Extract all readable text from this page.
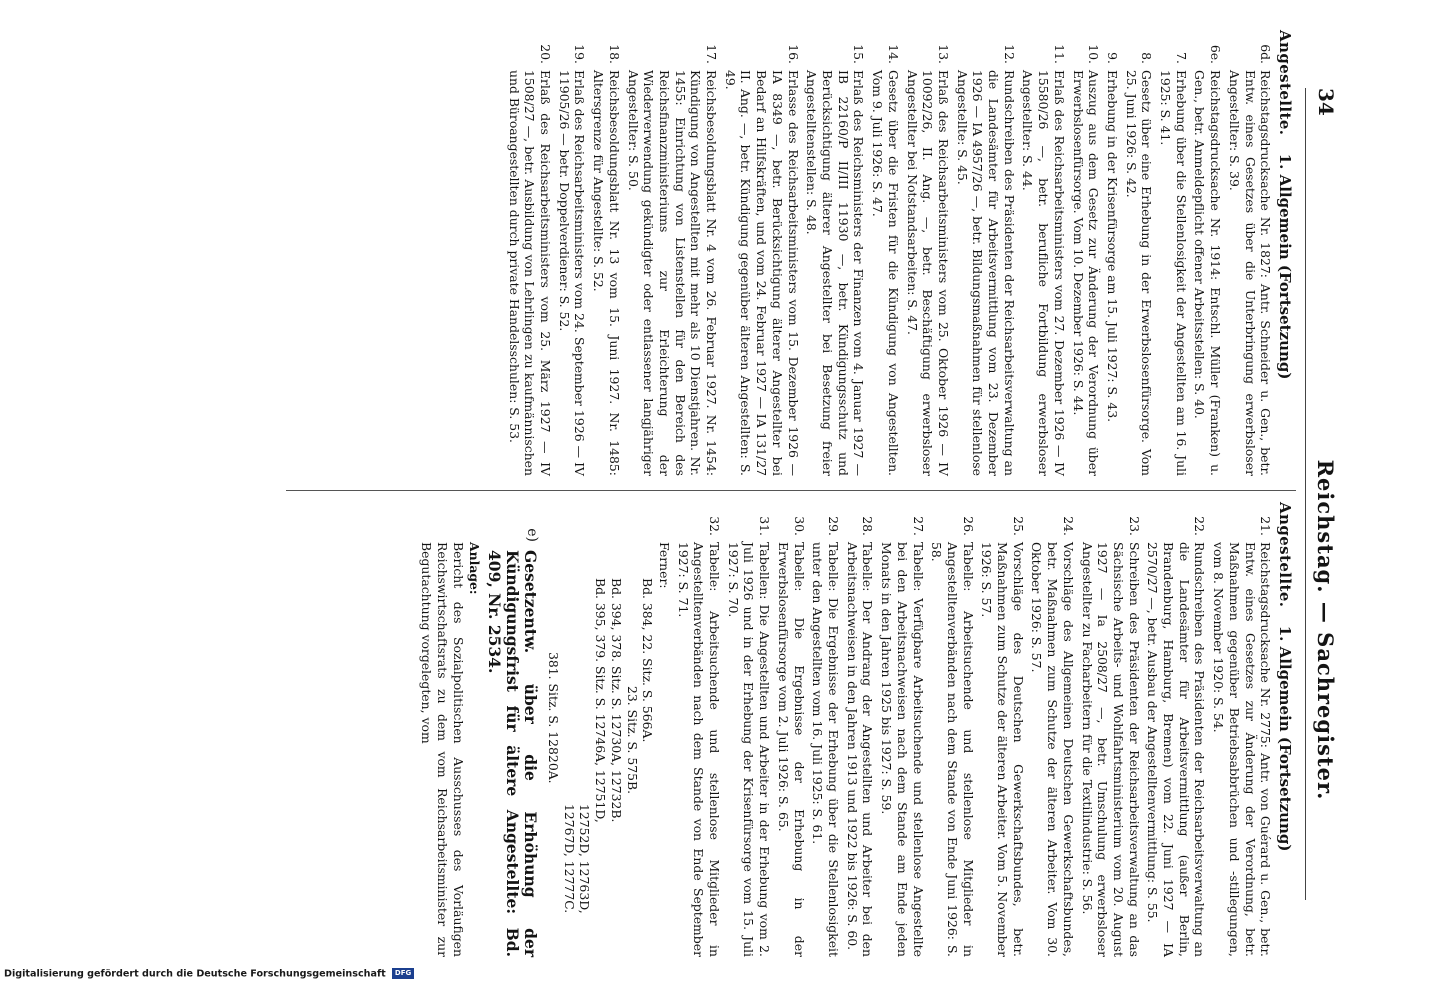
34
Reichstag. — Sachregister.
Angestellte. 1. Allgemein (Fortsetzung)
6d.
Reichstagsdrucksache Nr. 1827: Antr. Schneider u. Gen., betr. Entw. eines Gesetzes über die Unterbringung erwerbsloser Angestellter: S. 39.
6e.
Reichstagsdrucksache Nr. 1914: Entschl. Müller (Franken) u. Gen., betr. Anmeldepflicht offener Arbeitsstellen: S. 40.
7.
Erhebung über die Stellenlosigkeit der Angestellten am 16. Juli 1925: S. 41.
8.
Gesetz über eine Erhebung in der Erwerbslosenfürsorge. Vom 25. Juni 1926: S. 42.
9.
Erhebung in der Krisenfürsorge am 15. Juli 1927: S. 43.
10.
Auszug aus dem Gesetz zur Änderung der Verordnung über Erwerbslosenfürsorge. Vom 10. Dezember 1926: S. 44.
11.
Erlaß des Reichsarbeitsministers vom 27. Dezember 1926 — IV 15580/26 —, betr. berufliche Fortbildung erwerbsloser Angestellter: S. 44.
12.
Rundschreiben des Präsidenten der Reichsarbeitsverwaltung an die Landesämter für Arbeitsvermittlung vom 23. Dezember 1926 — IA 4957/26 —, betr. Bildungsmaßnahmen für stellenlose Angestellte: S. 45.
13.
Erlaß des Reichsarbeitsministers vom 25. Oktober 1926 — IV 10092/26, II. Ang. —, betr. Beschäftigung erwerbsloser Angestellter bei Notstandsarbeiten: S. 47.
14.
Gesetz über die Fristen für die Kündigung von Angestellten. Vom 9. Juli 1926: S. 47.
15.
Erlaß des Reichsministers der Finanzen vom 4. Januar 1927 — IB 22160/P II/III 11930 —, betr. Kündigungsschutz und Berücksichtigung älterer Angestellter bei Besetzung freier Angestelltenstellen: S. 48.
16.
Erlasse des Reichsarbeitsministers vom 15. Dezember 1926 — IA 8349 —, betr. Berücksichtigung älterer Angestellter bei Bedarf an Hilfskräften, und vom 24. Februar 1927 — IA 131/27 II. Ang. —, betr. Kündigung gegenüber älteren Angestellten: S. 49.
17.
Reichsbesoldungsblatt Nr. 4 vom 26. Februar 1927. Nr. 1454: Kündigung von Angestellten mit mehr als 10 Dienstjahren. Nr. 1455: Einrichtung von Listenstellen für den Bereich des Reichsfinanzministeriums zur Erleichterung der Wiederverwendung gekündigter oder entlassener langjähriger Angestellter: S. 50.
18.
Reichsbesoldungsblatt Nr. 13 vom 15. Juni 1927. Nr. 1485: Altersgrenze für Angestellte: S. 52.
19.
Erlaß des Reichsarbeitsministers vom 24. September 1926 — IV 11905/26 — betr. Doppelverdiener: S. 52.
20.
Erlaß des Reichsarbeitsministers vom 25. März 1927 — IV 1508/27 —, betr. Ausbildung von Lehrlingen zu kaufmännischen und Büroangestellten durch private Handelsschulen: S. 53.
Angestellte. 1. Allgemein (Fortsetzung)
21.
Reichstagsdrucksache Nr. 2775: Antr. von Guérard u. Gen., betr. Entw. eines Gesetzes zur Änderung der Verordnung, betr. Maßnahmen gegenüber Betriebsabbrüchen und -stillegungen, vom 8. November 1920: S. 54.
22.
Rundschreiben des Präsidenten der Reichsarbeitsverwaltung an die Landesämter für Arbeitsvermittlung (außer Berlin, Brandenburg, Hamburg, Bremen) vom 22. Juni 1927 — IA 2570/27 —, betr. Ausbau der Angestelltenvermittlung: S. 55.
23.
Schreiben des Präsidenten der Reichsarbeitsverwaltung an das Sächsische Arbeits- und Wohlfahrtsministerium vom 20. August 1927 — Ia 2508/27 —, betr. Umschulung erwerbsloser Angestellter zu Facharbeitern für die Textilindustrie: S. 56.
24.
Vorschläge des Allgemeinen Deutschen Gewerkschaftsbundes, betr. Maßnahmen zum Schutze der älteren Arbeiter. Vom 30. Oktober 1926: S. 57.
25.
Vorschläge des Deutschen Gewerkschaftsbundes, betr. Maßnahmen zum Schutze der älteren Arbeiter. Vom 5. November 1926: S. 57.
26.
Tabelle: Arbeitsuchende und stellenlose Mitglieder in Angestelltenverbänden nach dem Stande von Ende Juni 1926: S. 58.
27.
Tabelle: Verfügbare Arbeitsuchende und stellenlose Angestellte bei den Arbeitsnachweisen nach dem Stande am Ende jeden Monats in den Jahren 1925 bis 1927: S. 59.
28.
Tabelle: Der Andrang der Angestellten und Arbeiter bei den Arbeitsnachweisen in den Jahren 1913 und 1922 bis 1926: S. 60.
29.
Tabelle: Die Ergebnisse der Erhebung über die Stellenlosigkeit unter den Angestellten vom 16. Juli 1925: S. 61.
30.
Tabelle: Die Ergebnisse der Erhebung in der Erwerbslosenfürsorge vom 2. Juli 1926: S. 65.
31.
Tabellen: Die Angestellten und Arbeiter in der Erhebung vom 2. Juli 1926 und in der Erhebung der Krisenfürsorge vom 15. Juli 1927: S. 70.
32.
Tabelle: Arbeitsuchende und stellenlose Mitglieder in Angestelltenverbänden nach dem Stande von Ende September 1927: S. 71.
Ferner:
Bd. 384, 22. Sitz. S. 566A.
23. Sitz. S. 575B.
Bd. 394, 378. Sitz. S. 12730A, 12732B.
Bd. 395, 379. Sitz. S. 12746A, 12751D,
12752D, 12763D,
12767D, 12777C.
381. Sitz. S. 12820A.
e)
Gesetzentw. über die Erhöhung der Kündigungsfrist für ältere Angestellte: Bd. 409, Nr. 2534.
Anlage:
Bericht des Sozialpolitischen Ausschusses des Vorläufigen Reichswirtschaftsrats zu dem vom Reichsarbeitsminister zur Begutachtung vorgelegten, vom
Digitalisierung gefördert durch die Deutsche Forschungsgemeinschaft DFG
